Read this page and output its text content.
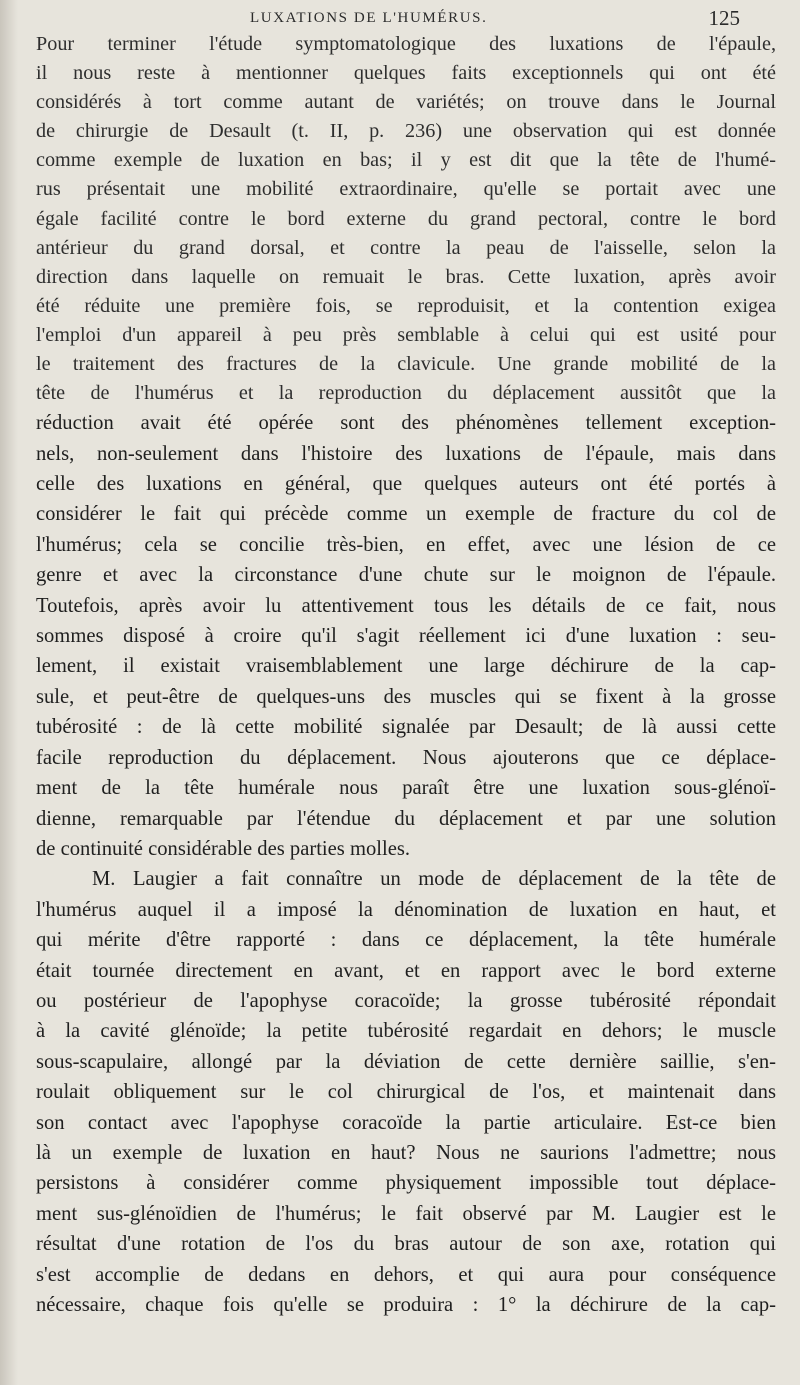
LUXATIONS DE L'HUMÉRUS.	125
Pour terminer l'étude symptomatologique des luxations de l'épaule,
il nous reste à mentionner quelques faits exceptionnels qui ont été
considérés à tort comme autant de variétés; on trouve dans le Journal
de chirurgie de Desault (t. II, p. 236) une observation qui est donnée
comme exemple de luxation en bas; il y est dit que la tête de l'humé-
rus présentait une mobilité extraordinaire, qu'elle se portait avec une
égale facilité contre le bord externe du grand pectoral, contre le bord
antérieur du grand dorsal, et contre la peau de l'aisselle, selon la
direction dans laquelle on remuait le bras. Cette luxation, après avoir
été réduite une première fois, se reproduisit, et la contention exigea
l'emploi d'un appareil à peu près semblable à celui qui est usité pour
le traitement des fractures de la clavicule. Une grande mobilité de la
tête de l'humérus et la reproduction du déplacement aussitôt que la
réduction avait été opérée sont des phénomènes tellement exception-
nels, non-seulement dans l'histoire des luxations de l'épaule, mais dans
celle des luxations en général, que quelques auteurs ont été portés à
considérer le fait qui précède comme un exemple de fracture du col de
l'humérus; cela se concilie très-bien, en effet, avec une lésion de ce
genre et avec la circonstance d'une chute sur le moignon de l'épaule.
Toutefois, après avoir lu attentivement tous les détails de ce fait, nous
sommes disposé à croire qu'il s'agit réellement ici d'une luxation : seu-
lement, il existait vraisemblablement une large déchirure de la cap-
sule, et peut-être de quelques-uns des muscles qui se fixent à la grosse
tubérosité : de là cette mobilité signalée par Desault; de là aussi cette
facile reproduction du déplacement. Nous ajouterons que ce déplace-
ment de la tête humérale nous paraît être une luxation sous-glénoï-
dienne, remarquable par l'étendue du déplacement et par une solution
de continuité considérable des parties molles.
M. Laugier a fait connaître un mode de déplacement de la tête de
l'humérus auquel il a imposé la dénomination de luxation en haut, et
qui mérite d'être rapporté : dans ce déplacement, la tête humérale
était tournée directement en avant, et en rapport avec le bord externe
ou postérieur de l'apophyse coracoïde; la grosse tubérosité répondait
à la cavité glénoïde; la petite tubérosité regardait en dehors; le muscle
sous-scapulaire, allongé par la déviation de cette dernière saillie, s'en-
roulait obliquement sur le col chirurgical de l'os, et maintenait dans
son contact avec l'apophyse coracoïde la partie articulaire. Est-ce bien
là un exemple de luxation en haut? Nous ne saurions l'admettre; nous
persistons à considérer comme physiquement impossible tout déplace-
ment sus-glénoïdien de l'humérus; le fait observé par M. Laugier est le
résultat d'une rotation de l'os du bras autour de son axe, rotation qui
s'est accomplie de dedans en dehors, et qui aura pour conséquence
nécessaire, chaque fois qu'elle se produira : 1° la déchirure de la cap-
